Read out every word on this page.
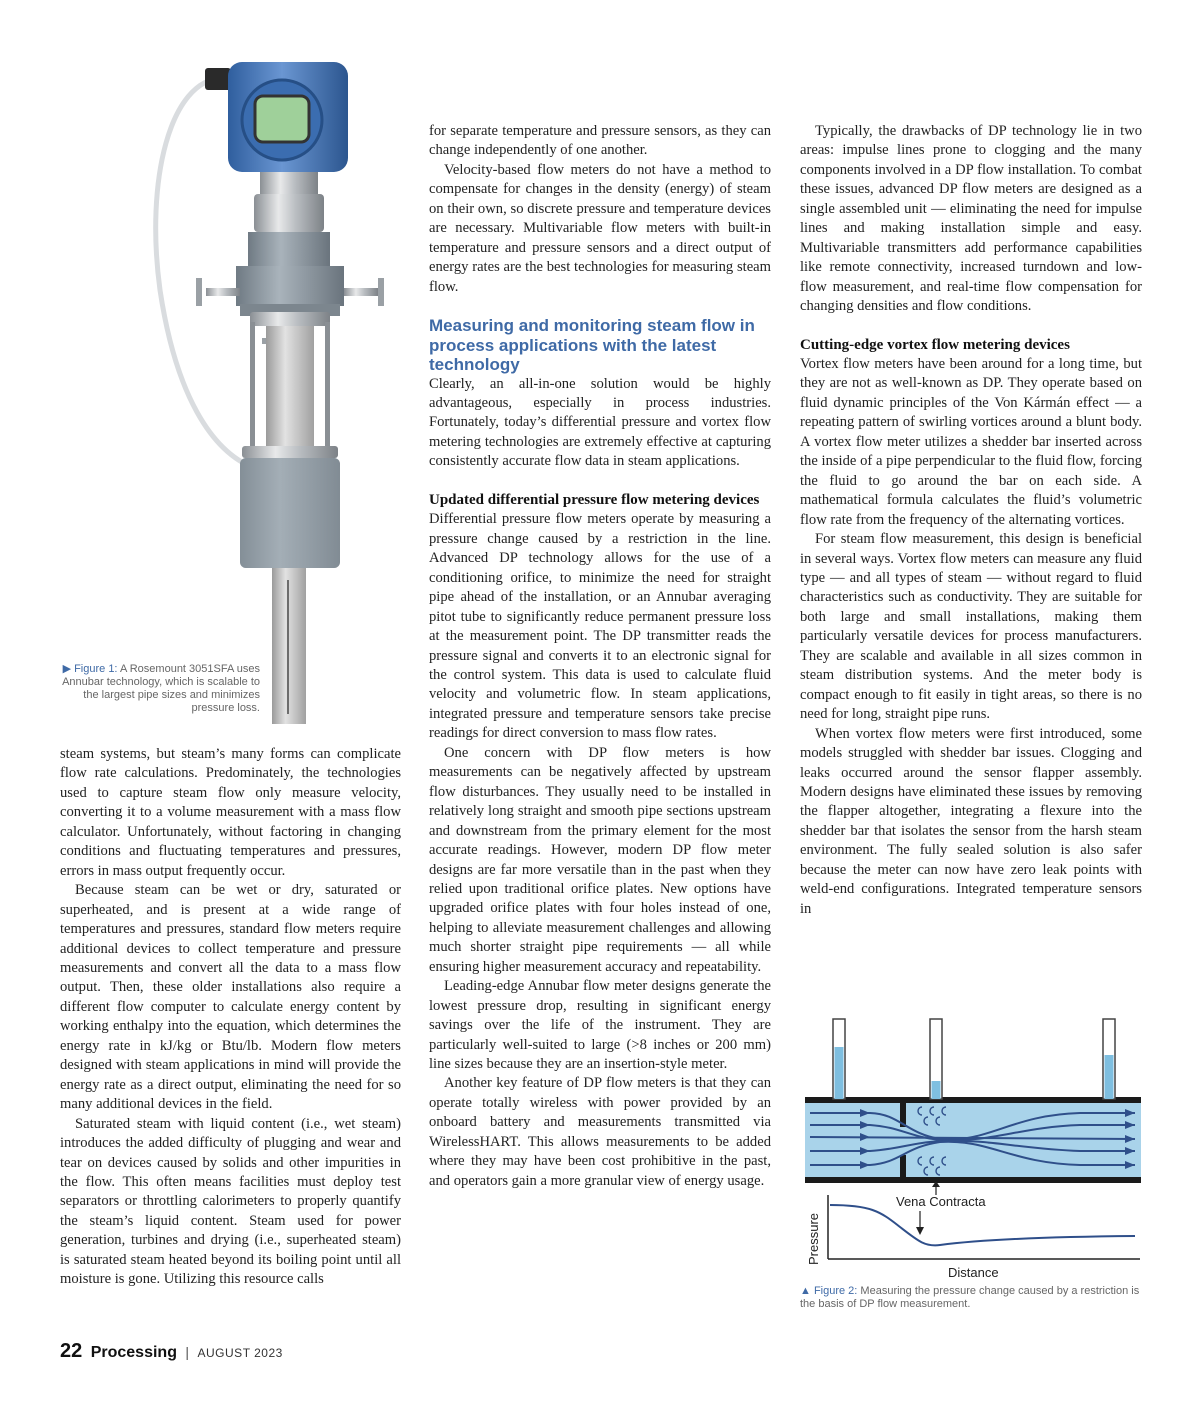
▶ Figure 1: A Rosemount 3051SFA uses Annubar technology, which is scalable to the largest pipe sizes and minimizes pressure loss.

steam systems, but steam’s many forms can complicate flow rate calculations. Predominately, the technologies used to capture steam flow only measure velocity, converting it to a volume measurement with a mass flow calculator. Unfortunately, without factoring in changing conditions and fluctuating temperatures and pressures, errors in mass output frequently occur.

Because steam can be wet or dry, saturated or superheated, and is present at a wide range of temperatures and pressures, standard flow meters require additional devices to collect temperature and pressure measurements and convert all the data to a mass flow output. Then, these older installations also require a different flow computer to calculate energy content by working enthalpy into the equation, which determines the energy rate in kJ/kg or Btu/lb. Modern flow meters designed with steam applications in mind will provide the energy rate as a direct output, eliminating the need for so many additional devices in the field.

Saturated steam with liquid content (i.e., wet steam) introduces the added difficulty of plugging and wear and tear on devices caused by solids and other impurities in the flow. This often means facilities must deploy test separators or throttling calorimeters to properly quantify the steam’s liquid content. Steam used for power generation, turbines and drying (i.e., superheated steam) is saturated steam heated beyond its boiling point until all moisture is gone. Utilizing this resource calls

for separate temperature and pressure sensors, as they can change independently of one another.

Velocity-based flow meters do not have a method to compensate for changes in the density (energy) of steam on their own, so discrete pressure and temperature devices are necessary. Multivariable flow meters with built-in temperature and pressure sensors and a direct output of energy rates are the best technologies for measuring steam flow.

Measuring and monitoring steam flow in process applications with the latest technology

Clearly, an all-in-one solution would be highly advantageous, especially in process industries. Fortunately, today’s differential pressure and vortex flow metering technologies are extremely effective at capturing consistently accurate flow data in steam applications.

Updated differential pressure flow metering devices

Differential pressure flow meters operate by measuring a pressure change caused by a restriction in the line. Advanced DP technology allows for the use of a conditioning orifice, to minimize the need for straight pipe ahead of the installation, or an Annubar averaging pitot tube to significantly reduce permanent pressure loss at the measurement point. The DP transmitter reads the pressure signal and converts it to an electronic signal for the control system. This data is used to calculate fluid velocity and volumetric flow. In steam applications, integrated pressure and temperature sensors take precise readings for direct conversion to mass flow rates.

One concern with DP flow meters is how measurements can be negatively affected by upstream flow disturbances. They usually need to be installed in relatively long straight and smooth pipe sections upstream and downstream from the primary element for the most accurate readings. However, modern DP flow meter designs are far more versatile than in the past when they relied upon traditional orifice plates. New options have upgraded orifice plates with four holes instead of one, helping to alleviate measurement challenges and allowing much shorter straight pipe requirements — all while ensuring higher measurement accuracy and repeatability.

Leading-edge Annubar flow meter designs generate the lowest pressure drop, resulting in significant energy savings over the life of the instrument. They are particularly well-suited to large (>8 inches or 200 mm) line sizes because they are an insertion-style meter.

Another key feature of DP flow meters is that they can operate totally wireless with power provided by an onboard battery and measurements transmitted via WirelessHART. This allows measurements to be added where they may have been cost prohibitive in the past, and operators gain a more granular view of energy usage.

Typically, the drawbacks of DP technology lie in two areas: impulse lines prone to clogging and the many components involved in a DP flow installation. To combat these issues, advanced DP flow meters are designed as a single assembled unit — eliminating the need for impulse lines and making installation simple and easy. Multivariable transmitters add performance capabilities like remote connectivity, increased turndown and low-flow measurement, and real-time flow compensation for changing densities and flow conditions.

Cutting-edge vortex flow metering devices

Vortex flow meters have been around for a long time, but they are not as well-known as DP. They operate based on fluid dynamic principles of the Von Kármán effect — a repeating pattern of swirling vortices around a blunt body. A vortex flow meter utilizes a shedder bar inserted across the inside of a pipe perpendicular to the fluid flow, forcing the fluid to go around the bar on each side. A mathematical formula calculates the fluid’s volumetric flow rate from the frequency of the alternating vortices.

For steam flow measurement, this design is beneficial in several ways. Vortex flow meters can measure any fluid type — and all types of steam — without regard to fluid characteristics such as conductivity. They are suitable for both large and small installations, making them particularly versatile devices for process manufacturers. They are scalable and available in all sizes common in steam distribution systems. And the meter body is compact enough to fit easily in tight areas, so there is no need for long, straight pipe runs.

When vortex flow meters were first introduced, some models struggled with shedder bar issues. Clogging and leaks occurred around the sensor flapper assembly. Modern designs have eliminated these issues by removing the flapper altogether, integrating a flexure into the shedder bar that isolates the sensor from the harsh steam environment. The fully sealed solution is also safer because the meter can now have zero leak points with weld-end configurations. Integrated temperature sensors in

Vena Contracta
Pressure
Distance
▲ Figure 2: Measuring the pressure change caused by a restriction is the basis of DP flow measurement.
22 Processing | AUGUST 2023
